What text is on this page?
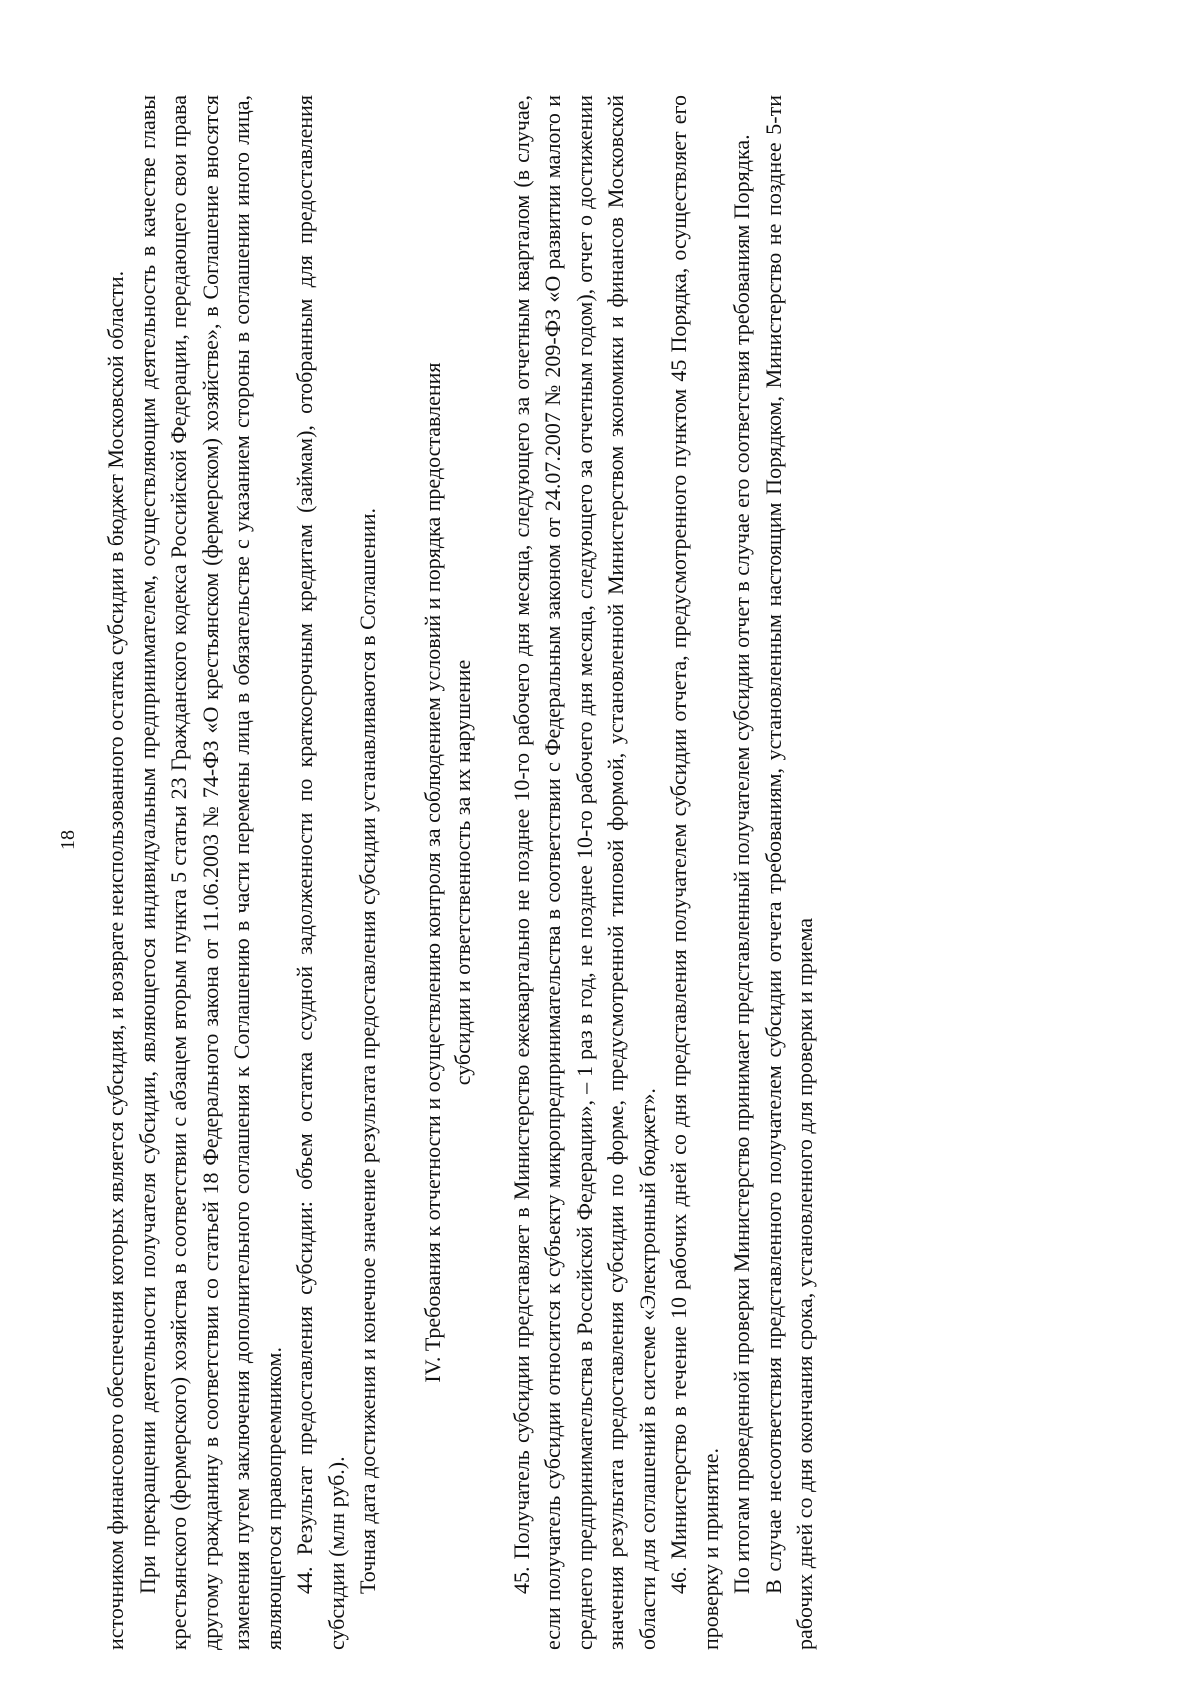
источником финансового обеспечения которых является субсидия, и возврате неиспользованного остатка субсидии в бюджет Московской области. При прекращении деятельности получателя субсидии, являющегося индивидуальным предпринимателем, осуществляющим деятельность в качестве главы крестьянского (фермерского) хозяйства в соответствии с абзацем вторым пункта 5 статьи 23 Гражданского кодекса Российской Федерации, передающего свои права другому гражданину в соответствии со статьей 18 Федерального закона от 11.06.2003 № 74-ФЗ «О крестьянском (фермерском) хозяйстве», в Соглашение вносятся изменения путем заключения дополнительного соглашения к Соглашению в части перемены лица в обязательстве с указанием стороны в соглашении иного лица, являющегося правопреемником. 44. Результат предоставления субсидии: объем остатка ссудной задолженности по краткосрочным кредитам (займам), отобранным для предоставления субсидии (млн руб.). Точная дата достижения и конечное значение результата предоставления субсидии устанавливаются в Соглашении. IV. Требования к отчетности и осуществлению контроля за соблюдением условий и порядка предоставления субсидии и ответственность за их нарушение 45. Получатель субсидии представляет в Министерство ежеквартально не позднее 10-го рабочего дня месяца, следующего за отчетным кварталом (в случае, если получатель субсидии относится к субъекту микропредпринимательства в соответствии с Федеральным законом от 24.07.2007 № 209-ФЗ «О развитии малого и среднего предпринимательства в Российской Федерации», – 1 раз в год, не позднее 10-го рабочего дня месяца, следующего за отчетным годом), отчет о достижении значения результата предоставления субсидии по форме, предусмотренной типовой формой, установленной Министерством экономики и финансов Московской области для соглашений в системе «Электронный бюджет». 46. Министерство в течение 10 рабочих дней со дня представления получателем субсидии отчета, предусмотренного пунктом 45 Порядка, осуществляет его проверку и принятие. По итогам проведенной проверки Министерство принимает представленный получателем субсидии отчет в случае его соответствия требованиям Порядка. В случае несоответствия представленного получателем субсидии отчета требованиям, установленным настоящим Порядком, Министерство не позднее 5-ти рабочих дней со дня окончания срока, установленного для проверки и приема

18
